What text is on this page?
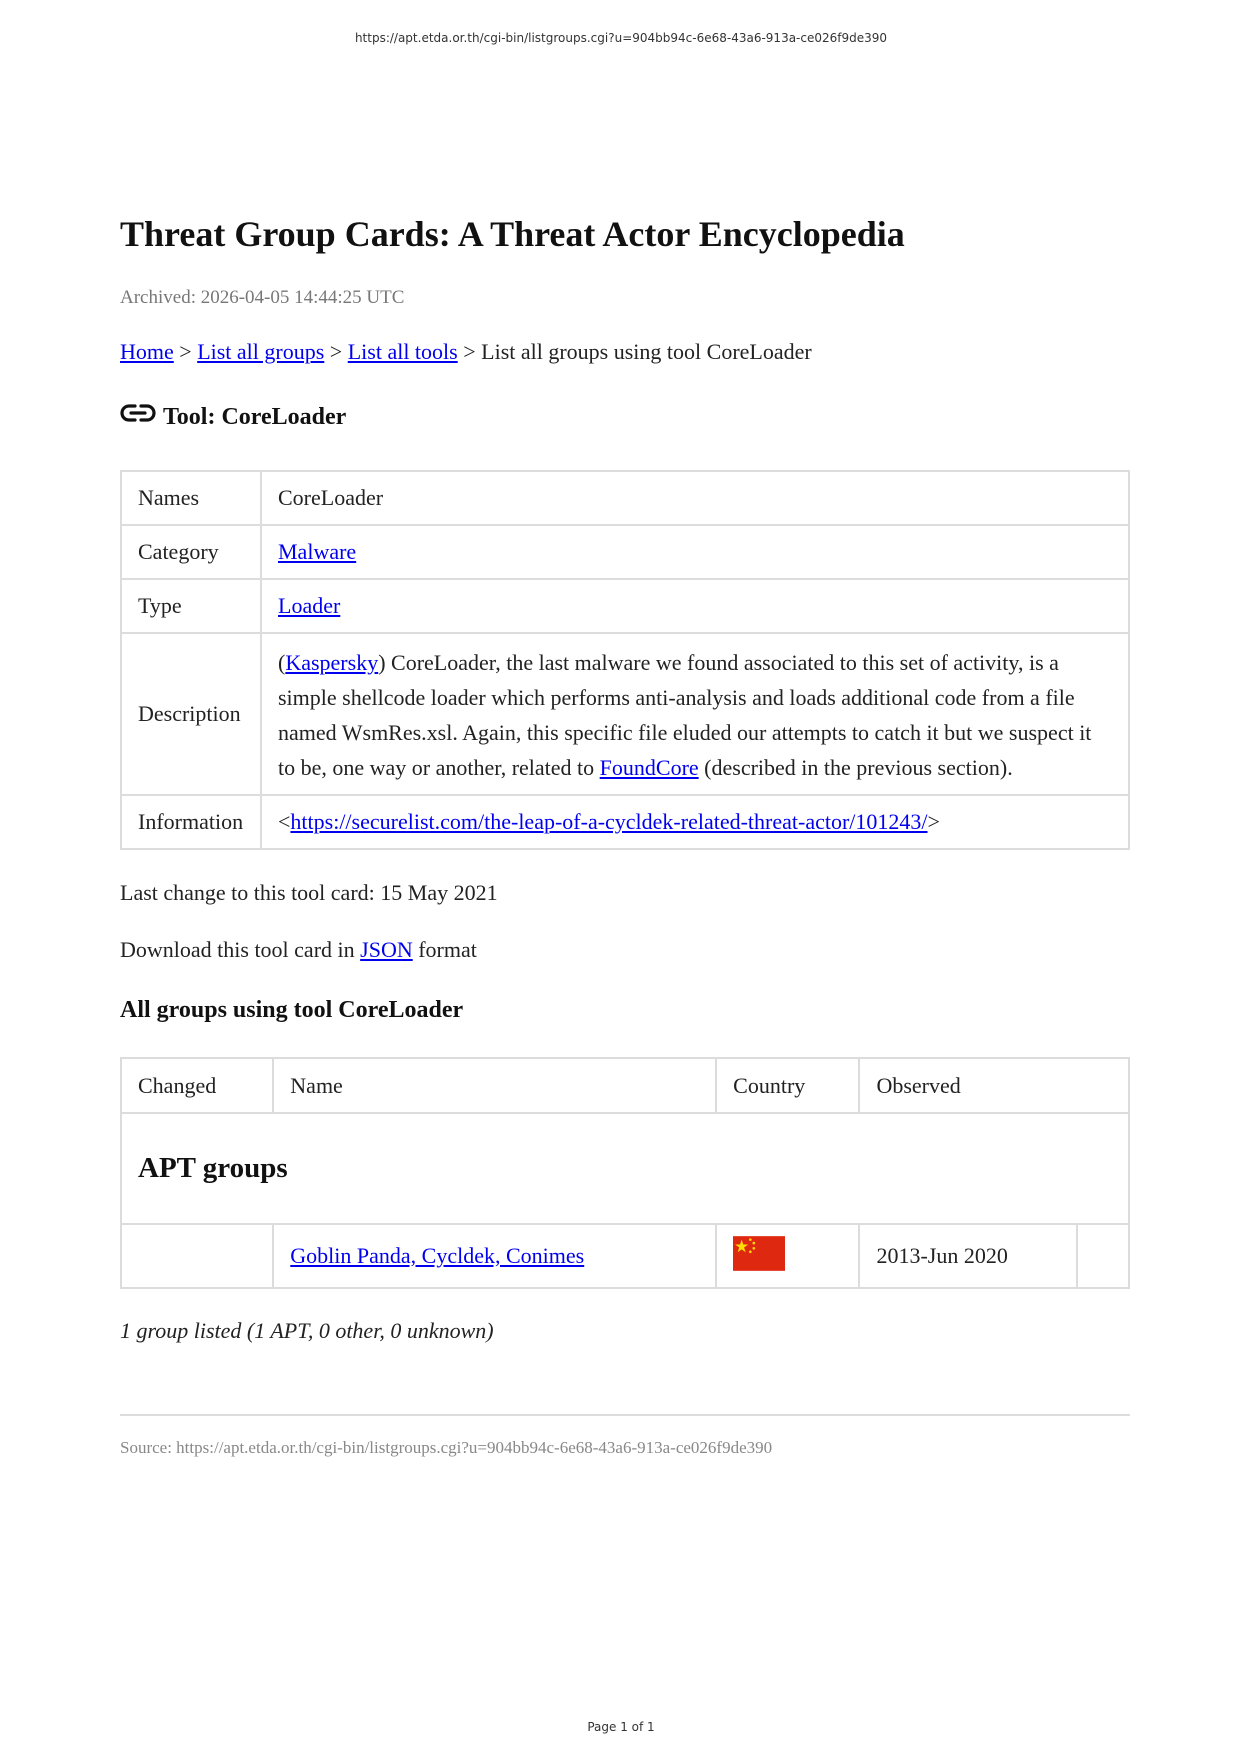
https://apt.etda.or.th/cgi-bin/listgroups.cgi?u=904bb94c-6e68-43a6-913a-ce026f9de390
Threat Group Cards: A Threat Actor Encyclopedia
Archived: 2026-04-05 14:44:25 UTC
Home > List all groups > List all tools > List all groups using tool CoreLoader
Tool: CoreLoader
Names	CoreLoader
Category	Malware
Type	Loader
Description	(Kaspersky) CoreLoader, the last malware we found associated to this set of activity, is a simple shellcode loader which performs anti-analysis and loads additional code from a file named WsmRes.xsl. Again, this specific file eluded our attempts to catch it but we suspect it to be, one way or another, related to FoundCore (described in the previous section).
Information	<https://securelist.com/the-leap-of-a-cycldek-related-threat-actor/101243/>
Last change to this tool card: 15 May 2021
Download this tool card in JSON format
All groups using tool CoreLoader
Changed	Name	Country	Observed	
APT groups				
	Goblin Panda, Cycldek, Conimes		2013-Jun 2020	
1 group listed (1 APT, 0 other, 0 unknown)
Source: https://apt.etda.or.th/cgi-bin/listgroups.cgi?u=904bb94c-6e68-43a6-913a-ce026f9de390
Page 1 of 1
